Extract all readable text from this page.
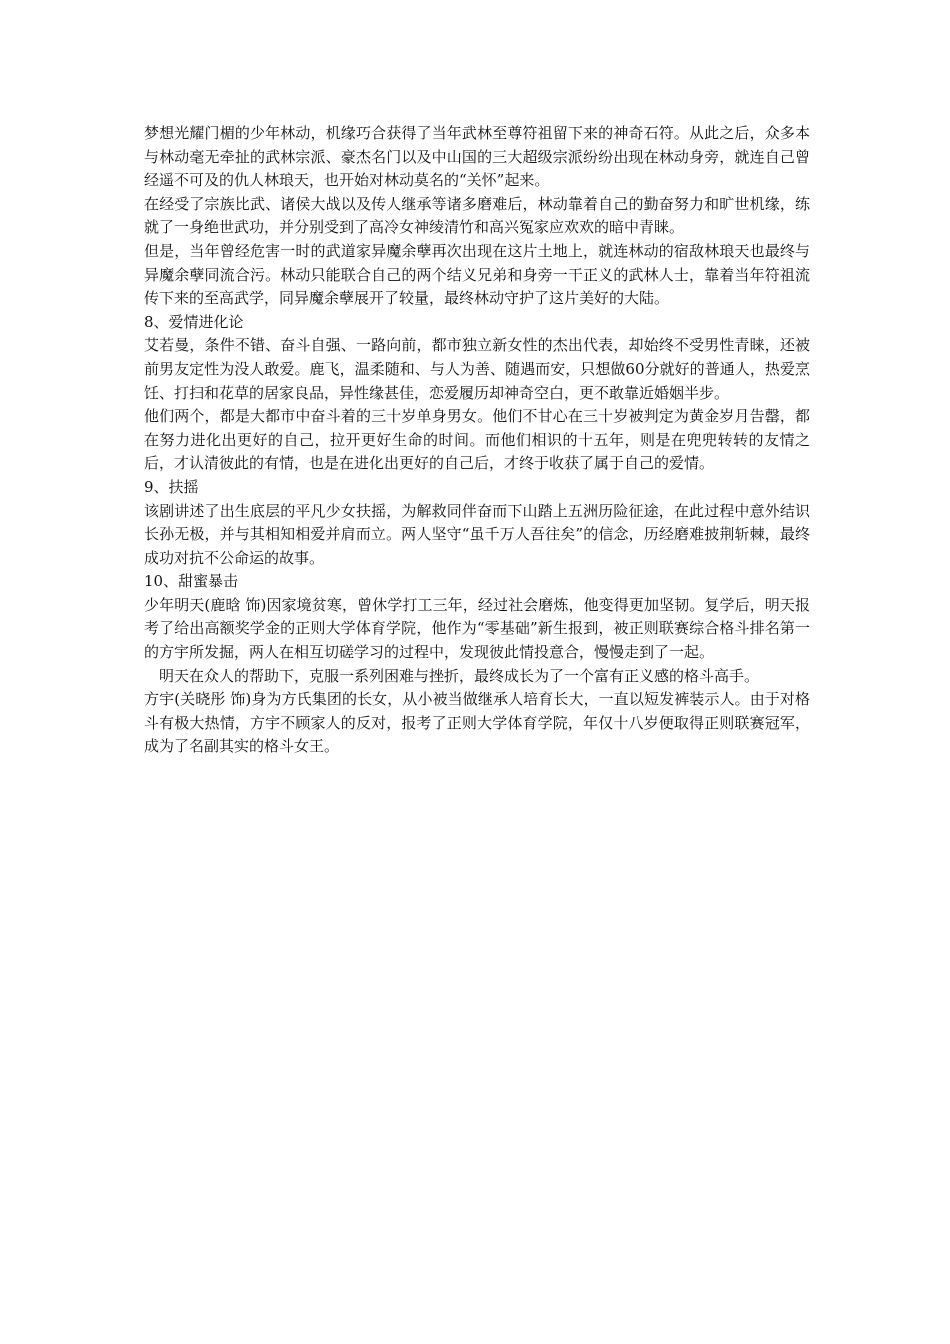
梦想光耀门楣的少年林动，机缘巧合获得了当年武林至尊符祖留下来的神奇石符。从此之后，众多本与林动毫无牵扯的武林宗派、豪杰名门以及中山国的三大超级宗派纷纷出现在林动身旁，就连自己曾经遥不可及的仇人林琅天，也开始对林动莫名的“关怀”起来。

在经受了宗族比武、诸侯大战以及传人继承等诸多磨难后，林动靠着自己的勤奋努力和旷世机缘，练就了一身绝世武功，并分别受到了高冷女神绫清竹和高兴冤家应欢欢的暗中青睐。

但是，当年曾经危害一时的武道家异魔余孽再次出现在这片土地上，就连林动的宿敌林琅天也最终与异魔余孽同流合污。林动只能联合自己的两个结义兄弟和身旁一干正义的武林人士，靠着当年符祖流传下来的至高武学，同异魔余孽展开了较量，最终林动守护了这片美好的大陆。

8、爱情进化论

艾若曼，条件不错、奋斗自强、一路向前，都市独立新女性的杰出代表，却始终不受男性青睐，还被前男友定性为没人敢爱。鹿飞，温柔随和、与人为善、随遇而安，只想做60分就好的普通人，热爱烹饪、打扫和花草的居家良品，异性缘甚佳，恋爱履历却神奇空白，更不敢靠近婚姻半步。

他们两个，都是大都市中奋斗着的三十岁单身男女。他们不甘心在三十岁被判定为黄金岁月告罄，都在努力进化出更好的自己，拉开更好生命的时间。而他们相识的十五年，则是在兜兜转转的友情之后，才认清彼此的有情，也是在进化出更好的自己后，才终于收获了属于自己的爱情。

9、扶摇

该剧讲述了出生底层的平凡少女扶摇，为解救同伴奋而下山踏上五洲历险征途，在此过程中意外结识长孙无极，并与其相知相爱并肩而立。两人坚守“虽千万人吾往矣”的信念，历经磨难披荆斩棘，最终成功对抗不公命运的故事。

10、甜蜜暴击

少年明天(鹿晗 饰)因家境贫寒，曾休学打工三年，经过社会磨炼，他变得更加坚韧。复学后，明天报考了给出高额奖学金的正则大学体育学院，他作为“零基础”新生报到，被正则联赛综合格斗排名第一的方宇所发掘，两人在相互切磋学习的过程中，发现彼此情投意合，慢慢走到了一起。

　明天在众人的帮助下，克服一系列困难与挫折，最终成长为了一个富有正义感的格斗高手。

方宇(关晓彤 饰)身为方氏集团的长女，从小被当做继承人培育长大，一直以短发裤装示人。由于对格斗有极大热情，方宇不顾家人的反对，报考了正则大学体育学院，年仅十八岁便取得正则联赛冠军，成为了名副其实的格斗女王。
